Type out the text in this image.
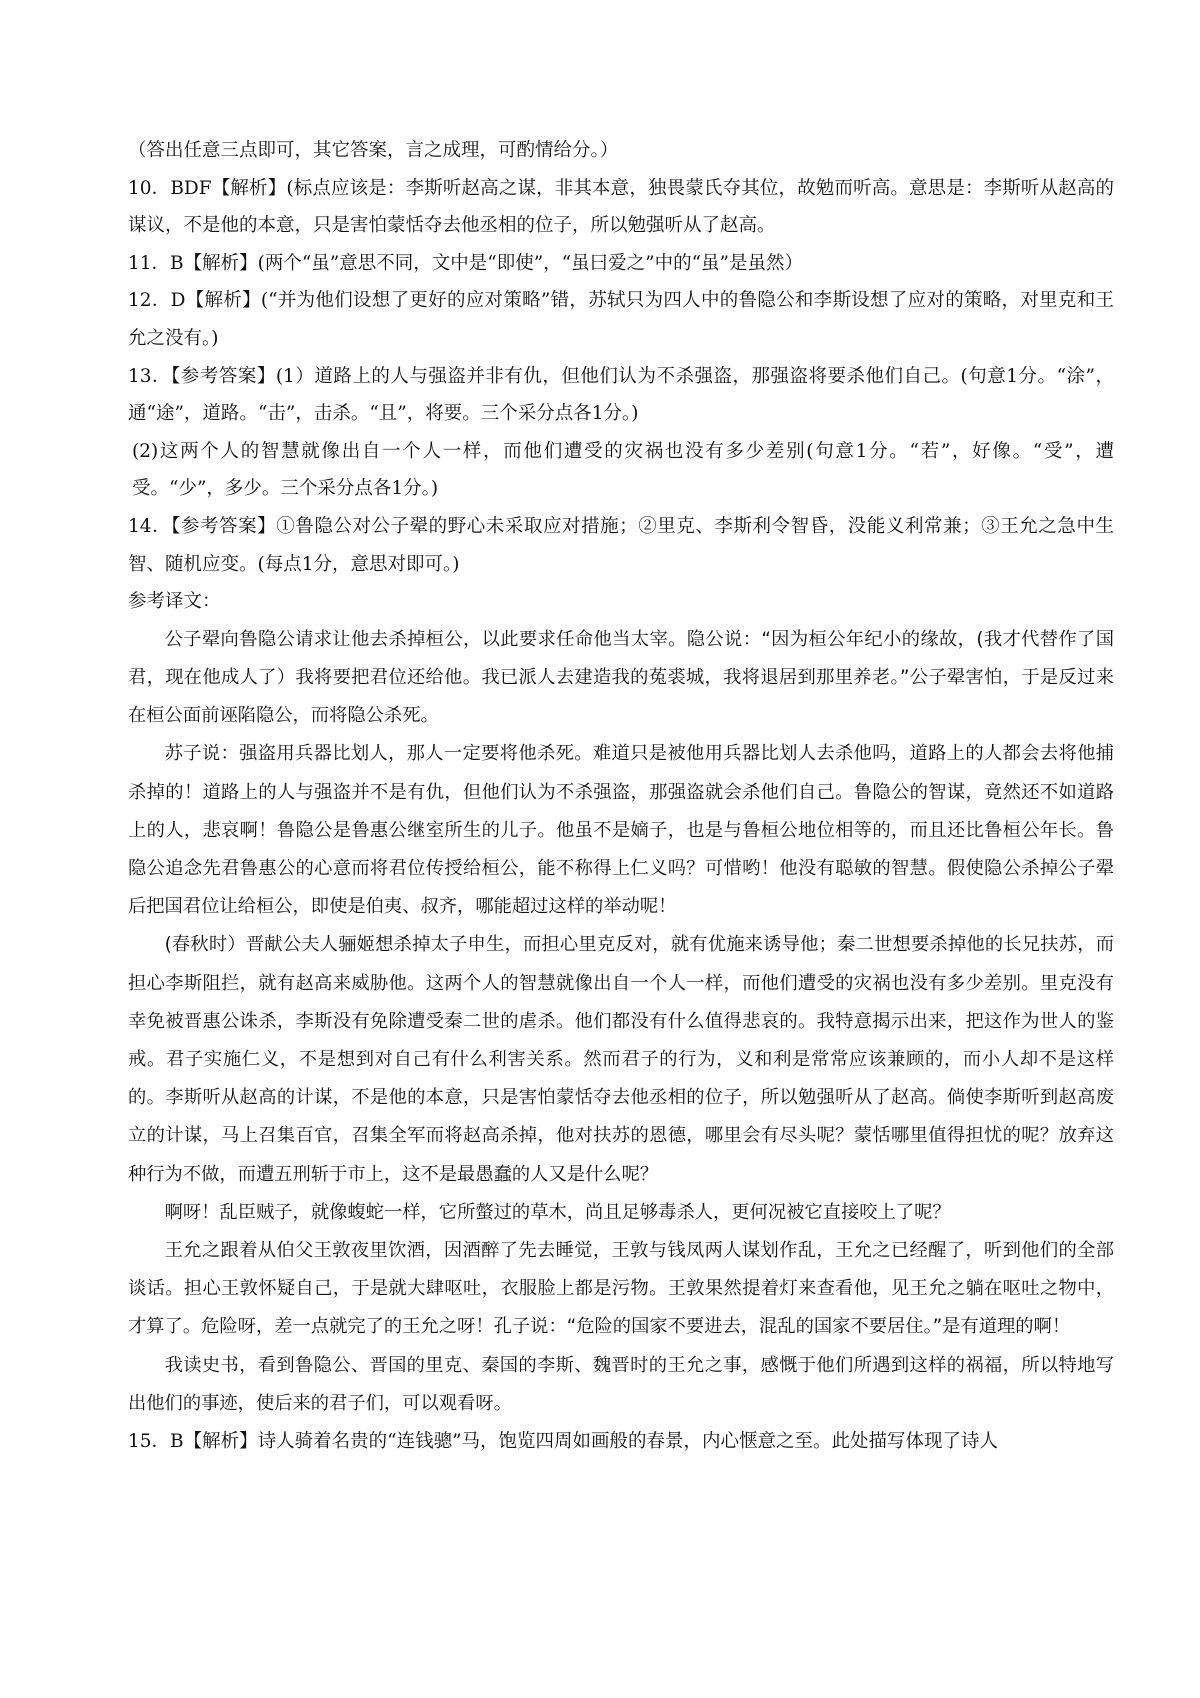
（答出任意三点即可，其它答案，言之成理，可酌情给分。）

10．BDF【解析】(标点应该是：李斯听赵高之谋，非其本意，独畏蒙氏夺其位，故勉而听高。意思是：李斯听从赵高的谋议，不是他的本意，只是害怕蒙恬夺去他丞相的位子，所以勉强听从了赵高。

11．B【解析】(两个“虽”意思不同，文中是“即使”，“虽曰爱之”中的“虽”是虽然）

12．D【解析】(“并为他们设想了更好的应对策略”错，苏轼只为四人中的鲁隐公和李斯设想了应对的策略，对里克和王允之没有。)

13．【参考答案】(1）道路上的人与强盗并非有仇，但他们认为不杀强盗，那强盗将要杀他们自己。(句意1分。“涂”，通“途”，道路。“击”，击杀。“且”，将要。三个采分点各1分。)

(2)这两个人的智慧就像出自一个人一样，而他们遭受的灾祸也没有多少差别(句意1分。“若”，好像。“受”，遭受。“少”，多少。三个采分点各1分。)

14．【参考答案】①鲁隐公对公子翚的野心未采取应对措施；②里克、李斯利令智昏，没能义利常兼；③王允之急中生智、随机应变。(每点1分，意思对即可。)

参考译文：

公子翚向鲁隐公请求让他去杀掉桓公，以此要求任命他当太宰。隐公说：“因为桓公年纪小的缘故，(我才代替作了国君，现在他成人了）我将要把君位还给他。我已派人去建造我的菟裘城，我将退居到那里养老。”公子翚害怕，于是反过来在桓公面前诬陷隐公，而将隐公杀死。

苏子说：强盗用兵器比划人，那人一定要将他杀死。难道只是被他用兵器比划人去杀他吗，道路上的人都会去将他捕杀掉的！道路上的人与强盗并不是有仇，但他们认为不杀强盗，那强盗就会杀他们自己。鲁隐公的智谋，竟然还不如道路上的人，悲哀啊！鲁隐公是鲁惠公继室所生的儿子。他虽不是嫡子，也是与鲁桓公地位相等的，而且还比鲁桓公年长。鲁隐公追念先君鲁惠公的心意而将君位传授给桓公，能不称得上仁义吗？可惜哟！他没有聪敏的智慧。假使隐公杀掉公子翚后把国君位让给桓公，即使是伯夷、叔齐，哪能超过这样的举动呢！

(春秋时）晋献公夫人骊姬想杀掉太子申生，而担心里克反对，就有优施来诱导他；秦二世想要杀掉他的长兄扶苏，而担心李斯阻拦，就有赵高来威胁他。这两个人的智慧就像出自一个人一样，而他们遭受的灾祸也没有多少差别。里克没有幸免被晋惠公诛杀，李斯没有免除遭受秦二世的虐杀。他们都没有什么值得悲哀的。我特意揭示出来，把这作为世人的鉴戒。君子实施仁义，不是想到对自己有什么利害关系。然而君子的行为，义和利是常常应该兼顾的，而小人却不是这样的。李斯听从赵高的计谋，不是他的本意，只是害怕蒙恬夺去他丞相的位子，所以勉强听从了赵高。倘使李斯听到赵高废立的计谋，马上召集百官，召集全军而将赵高杀掉，他对扶苏的恩德，哪里会有尽头呢？蒙恬哪里值得担忧的呢？放弃这种行为不做，而遭五刑斩于市上，这不是最愚蠢的人又是什么呢？

啊呀！乱臣贼子，就像蝮蛇一样，它所螫过的草木，尚且足够毒杀人，更何况被它直接咬上了呢？

王允之跟着从伯父王敦夜里饮酒，因酒醉了先去睡觉，王敦与钱凤两人谋划作乱，王允之已经醒了，听到他们的全部谈话。担心王敦怀疑自己，于是就大肆呕吐，衣服脸上都是污物。王敦果然提着灯来查看他，见王允之躺在呕吐之物中，才算了。危险呀，差一点就完了的王允之呀！孔子说：“危险的国家不要进去，混乱的国家不要居住。”是有道理的啊！

我读史书，看到鲁隐公、晋国的里克、秦国的李斯、魏晋时的王允之事，感慨于他们所遇到这样的祸福，所以特地写出他们的事迹，使后来的君子们，可以观看呀。

15．B【解析】诗人骑着名贵的“连钱骢”马，饱览四周如画般的春景，内心惬意之至。此处描写体现了诗人
